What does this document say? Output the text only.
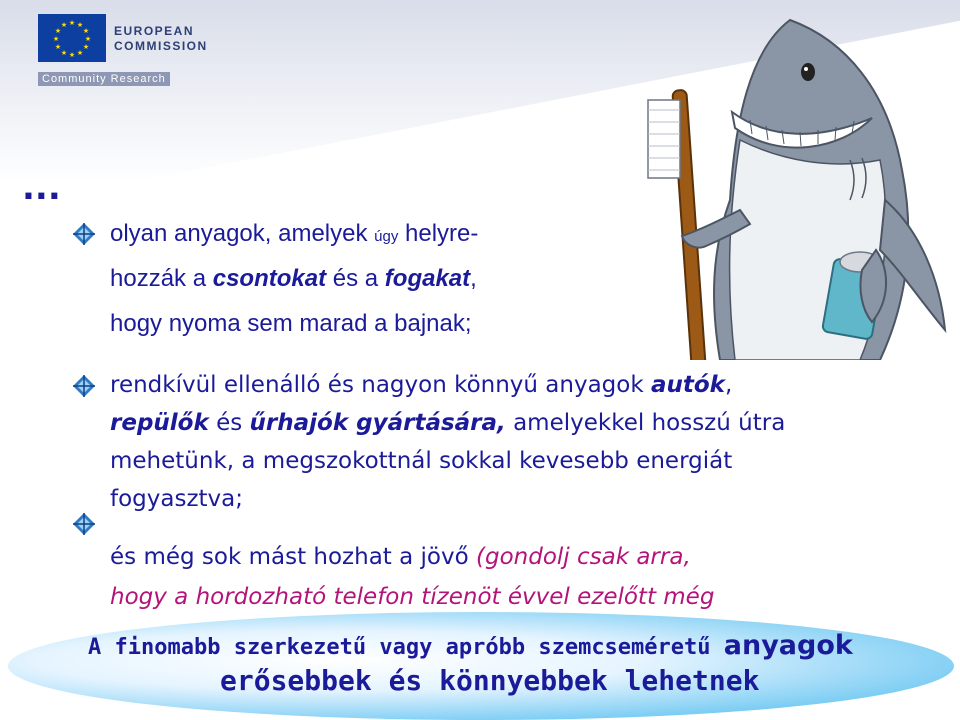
★ ★
★
★
★
★
★
★
★
★
★
★	EUROPEAN
COMMISSION
Community Research
...
olyan anyagok, amelyek úgy helyre-
hozzák a csontokat és a fogakat,
hogy nyoma sem marad a bajnak;
rendkívül ellenálló és nagyon könnyű anyagok autók,
repülők és űrhajók gyártására, amelyekkel hosszú útra
mehetünk, a megszokottnál sokkal kevesebb energiát
fogyasztva;
és még sok mást hozhat a jövő (gondolj csak arra,
hogy a hordozható telefon tízenöt évvel ezelőtt még
A finomabb szerkezetű vagy apróbb szemcseméretű anyagok
erősebbek és könnyebbek lehetnek
